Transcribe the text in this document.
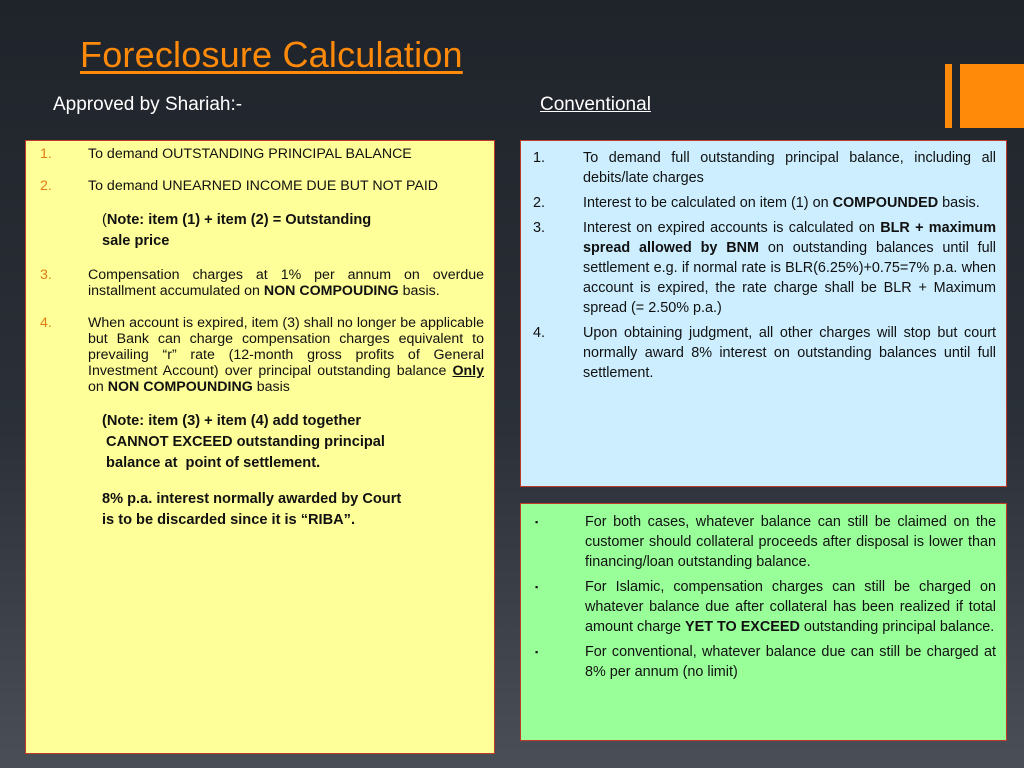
Foreclosure Calculation
Approved by Shariah:-	Conventional
1.	To demand OUTSTANDING PRINCIPAL BALANCE
2.	To demand UNEARNED INCOME DUE BUT NOT PAID
(Note: item (1) + item (2) = Outstanding
sale price
3.	Compensation charges at 1% per annum on overdue installment accumulated on NON COMPOUDING basis.
4.	When account is expired, item (3) shall no longer be applicable but Bank can charge compensation charges equivalent to prevailing “r” rate (12-month gross profits of General Investment Account) over principal outstanding balance Only on NON COMPOUNDING basis
(Note: item (3) + item (4) add together
CANNOT EXCEED outstanding principal
balance at  point of settlement.
8% p.a. interest normally awarded by Court
is to be discarded since it is “RIBA”.
1.	To demand full outstanding principal balance, including all debits/late charges
2.	Interest to be calculated on item (1) on COMPOUNDED basis.
3.	Interest on expired accounts is calculated on BLR + maximum spread allowed by BNM on outstanding balances until full settlement e.g. if normal rate is BLR(6.25%)+0.75=7% p.a. when account is expired, the rate charge shall be BLR + Maximum spread (= 2.50% p.a.)
4.	Upon obtaining judgment, all other charges will stop but court normally award 8% interest on outstanding balances until full settlement.
▪	For both cases, whatever balance can still be claimed on the customer should collateral proceeds after disposal is lower than financing/loan outstanding balance.
▪	For Islamic, compensation charges can still be charged on whatever balance due after collateral has been realized if total amount charge YET TO EXCEED outstanding principal balance.
▪	For conventional, whatever balance due can still be charged at 8% per annum (no limit)
